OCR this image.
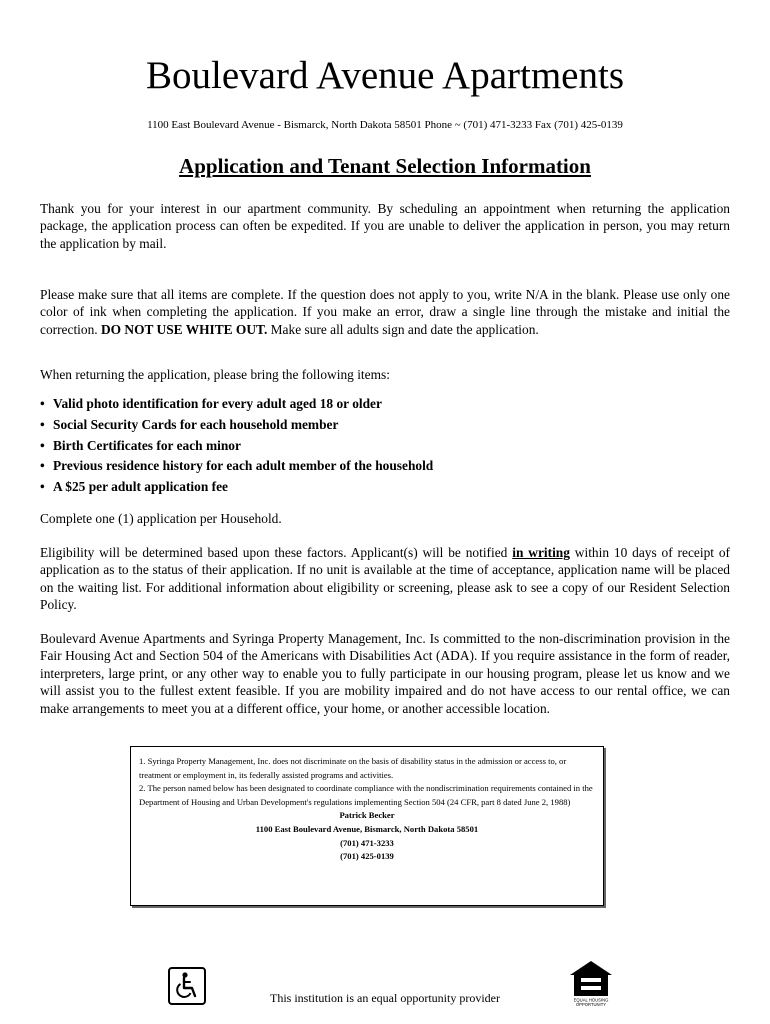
Boulevard Avenue Apartments
1100 East Boulevard Avenue - Bismarck, North Dakota 58501 Phone ~ (701) 471-3233 Fax (701) 425-0139
Application and Tenant Selection Information

Thank you for your interest in our apartment community. By scheduling an appointment when returning the application package, the application process can often be expedited. If you are unable to deliver the application in person, you may return the application by mail.

Please make sure that all items are complete. If the question does not apply to you, write N/A in the blank. Please use only one color of ink when completing the application. If you make an error, draw a single line through the mistake and initial the correction. DO NOT USE WHITE OUT. Make sure all adults sign and date the application.

When returning the application, please bring the following items:

• Valid photo identification for every adult aged 18 or older
• Social Security Cards for each household member
• Birth Certificates for each minor
• Previous residence history for each adult member of the household
• A $25 per adult application fee

Complete one (1) application per Household.

Eligibility will be determined based upon these factors. Applicant(s) will be notified in writing within 10 days of receipt of application as to the status of their application. If no unit is available at the time of acceptance, application name will be placed on the waiting list. For additional information about eligibility or screening, please ask to see a copy of our Resident Selection Policy.

Boulevard Avenue Apartments and Syringa Property Management, Inc. Is committed to the non-discrimination provision in the Fair Housing Act and Section 504 of the Americans with Disabilities Act (ADA). If you require assistance in the form of reader, interpreters, large print, or any other way to enable you to fully participate in our housing program, please let us know and we will assist you to the fullest extent feasible. If you are mobility impaired and do not have access to our rental office, we can make arrangements to meet you at a different office, your home, or another accessible location.

1. Syringa Property Management, Inc. does not discriminate on the basis of disability status in the admission or access to, or treatment or employment in, its federally assisted programs and activities.

2. The person named below has been designated to coordinate compliance with the nondiscrimination requirements contained in the Department of Housing and Urban Development's regulations implementing Section 504 (24 CFR, part 8 dated June 2, 1988)

Patrick Becker

1100 East Boulevard Avenue, Bismarck, North Dakota 58501

(701) 471-3233

(701) 425-0139

EQUAL HOUSING
OPPORTUNITY
This institution is an equal opportunity provider
